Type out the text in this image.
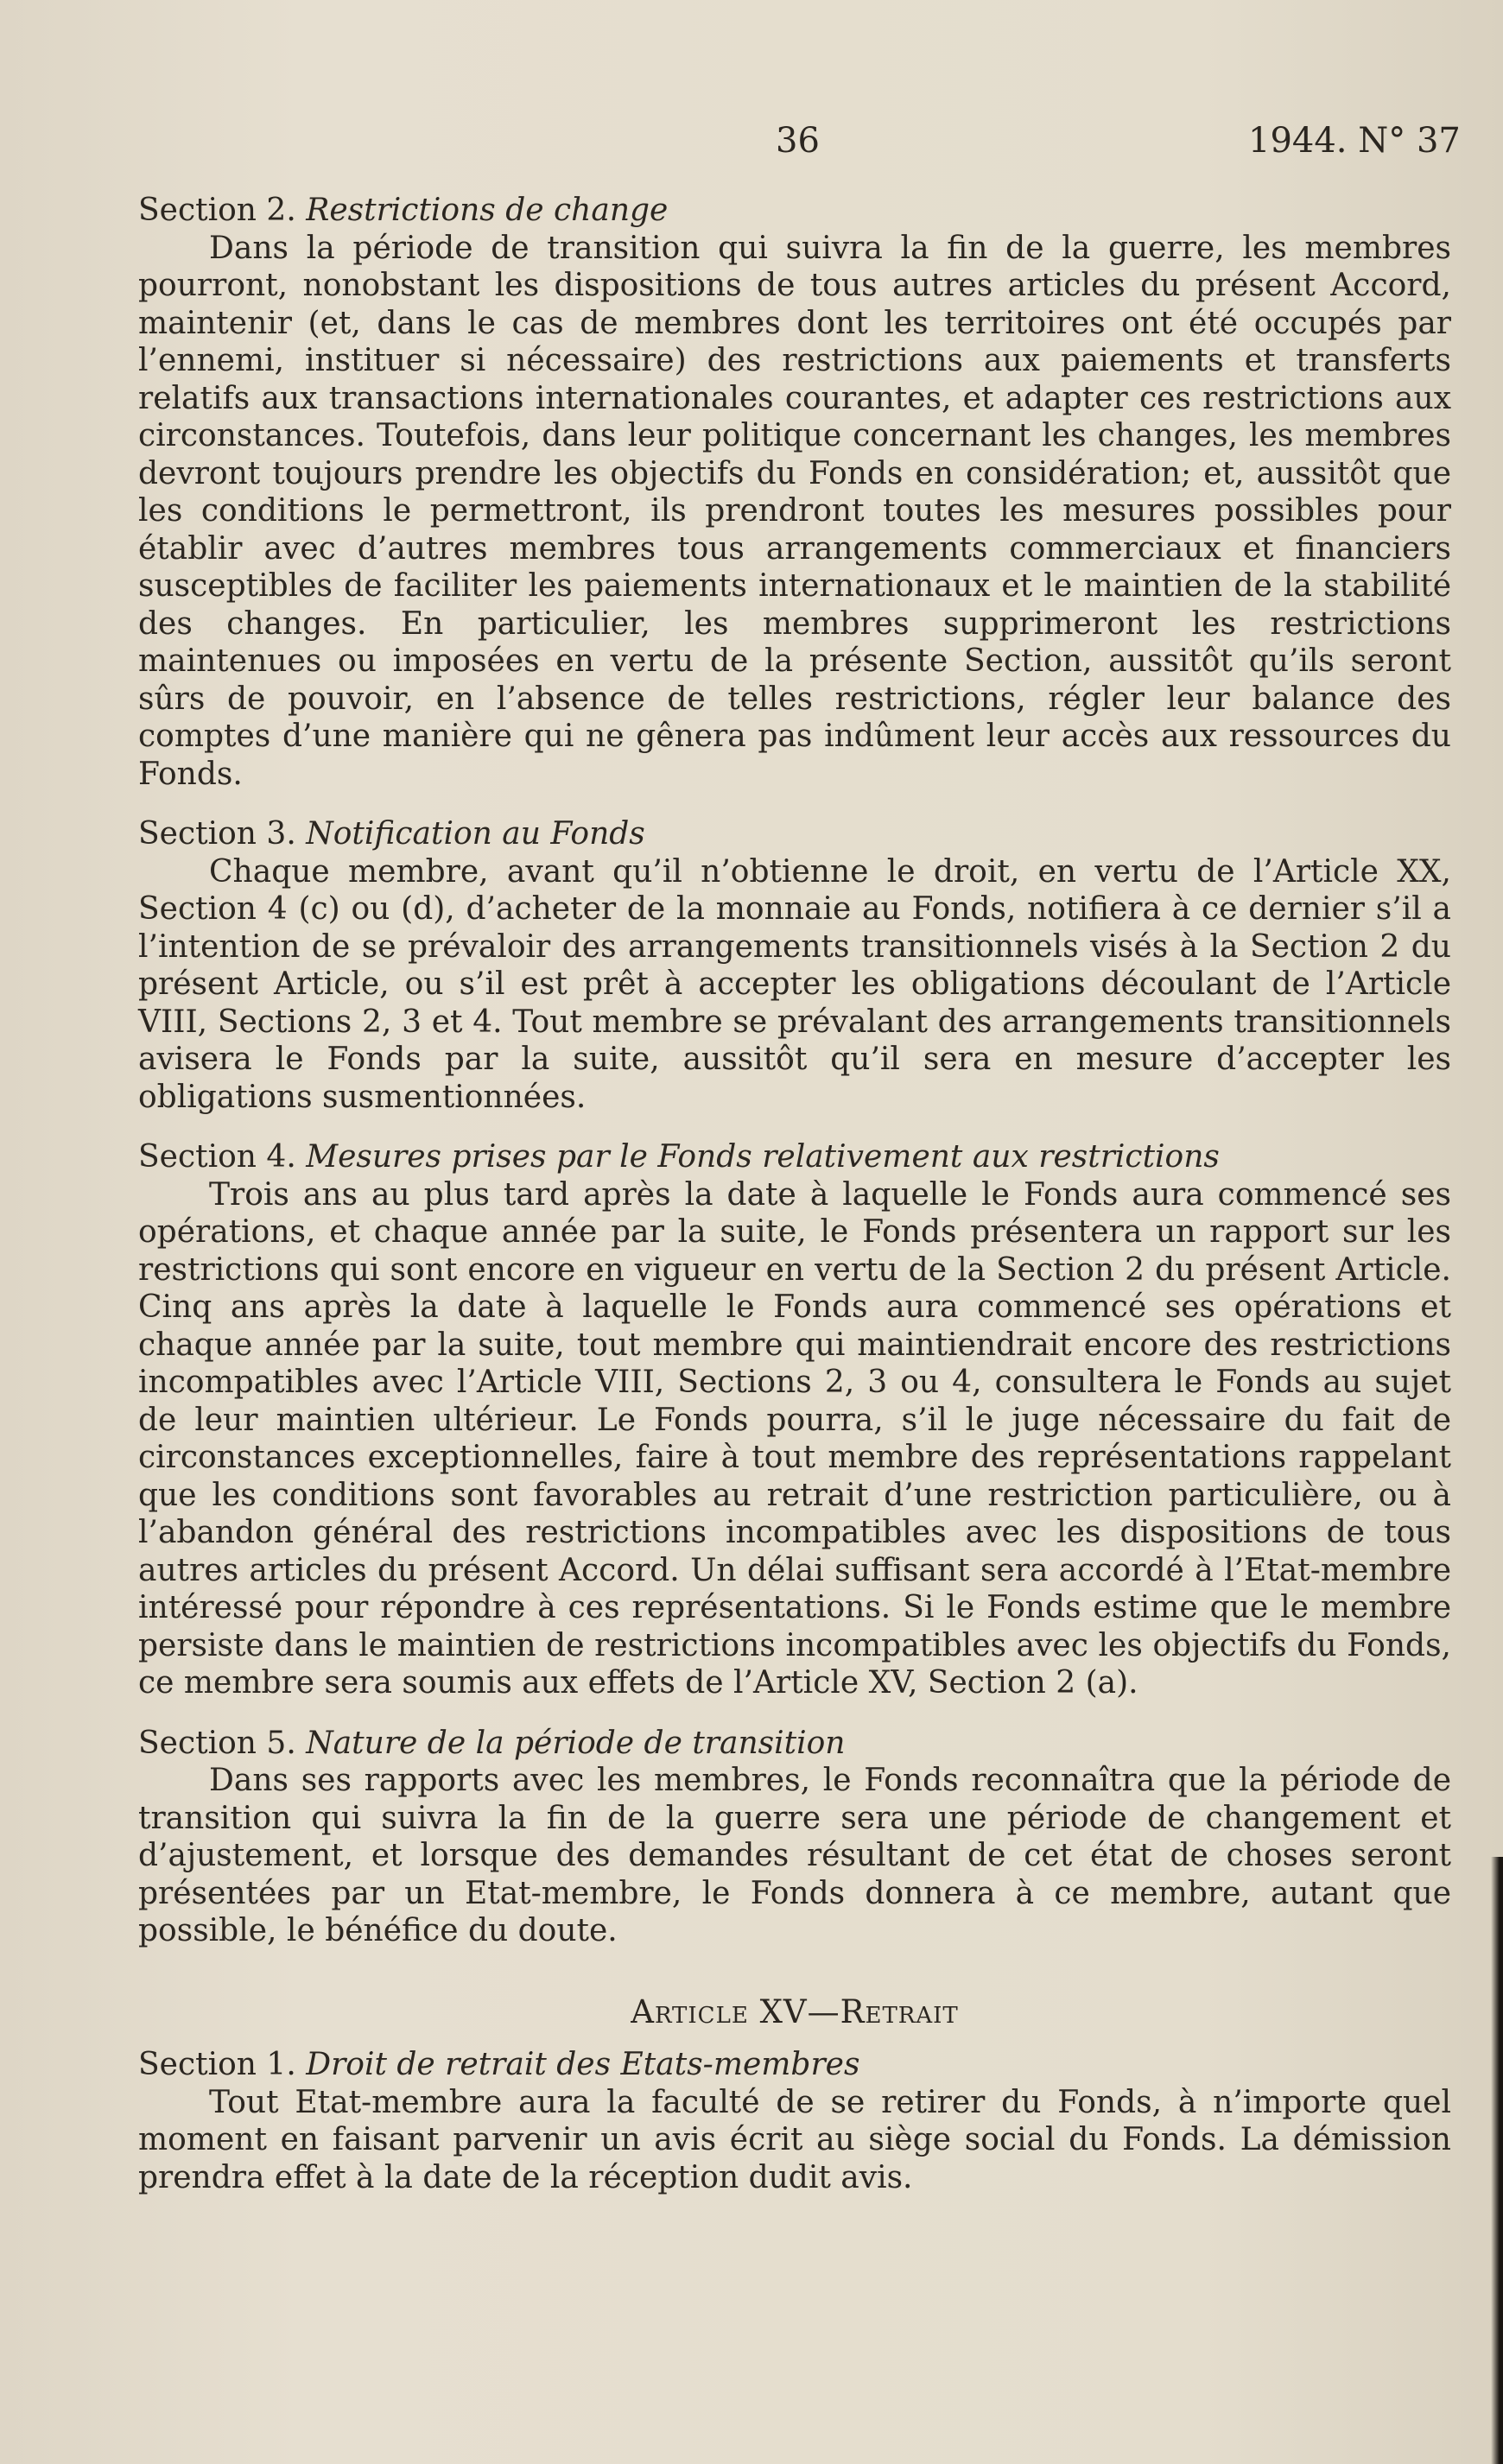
36	1944. N° 37

Section 2. Restrictions de change

Dans la période de transition qui suivra la fin de la guerre, les membres pourront, nonobstant les dispositions de tous autres articles du présent Accord, maintenir (et, dans le cas de membres dont les territoires ont été occupés par l’ennemi, instituer si nécessaire) des restrictions aux paiements et transferts relatifs aux transactions internationales courantes, et adapter ces restrictions aux circonstances. Toutefois, dans leur politique concernant les changes, les membres devront toujours prendre les objectifs du Fonds en considération; et, aussitôt que les conditions le permettront, ils prendront toutes les mesures possibles pour établir avec d’autres membres tous arrangements commerciaux et financiers susceptibles de faciliter les paiements internationaux et le maintien de la stabilité des changes. En particulier, les membres supprimeront les restrictions maintenues ou imposées en vertu de la présente Section, aussitôt qu’ils seront sûrs de pouvoir, en l’absence de telles restrictions, régler leur balance des comptes d’une manière qui ne gênera pas indûment leur accès aux ressources du Fonds.

Section 3. Notification au Fonds

Chaque membre, avant qu’il n’obtienne le droit, en vertu de l’Article XX, Section 4 (c) ou (d), d’acheter de la monnaie au Fonds, notifiera à ce dernier s’il a l’intention de se prévaloir des arrangements transitionnels visés à la Section 2 du présent Article, ou s’il est prêt à accepter les obligations découlant de l’Article VIII, Sections 2, 3 et 4. Tout membre se prévalant des arrangements transitionnels avisera le Fonds par la suite, aussitôt qu’il sera en mesure d’accepter les obligations susmentionnées.

Section 4. Mesures prises par le Fonds relativement aux restrictions

Trois ans au plus tard après la date à laquelle le Fonds aura commencé ses opérations, et chaque année par la suite, le Fonds présentera un rapport sur les restrictions qui sont encore en vigueur en vertu de la Section 2 du présent Article. Cinq ans après la date à laquelle le Fonds aura commencé ses opérations et chaque année par la suite, tout membre qui maintiendrait encore des restrictions incompatibles avec l’Article VIII, Sections 2, 3 ou 4, consultera le Fonds au sujet de leur maintien ultérieur. Le Fonds pourra, s’il le juge nécessaire du fait de circonstances exceptionnelles, faire à tout membre des représentations rappelant que les conditions sont favorables au retrait d’une restriction particulière, ou à l’abandon général des restrictions incompatibles avec les dispositions de tous autres articles du présent Accord. Un délai suffisant sera accordé à l’Etat-membre intéressé pour répondre à ces représentations. Si le Fonds estime que le membre persiste dans le maintien de restrictions incompatibles avec les objectifs du Fonds, ce membre sera soumis aux effets de l’Article XV, Section 2 (a).

Section 5. Nature de la période de transition

Dans ses rapports avec les membres, le Fonds reconnaîtra que la période de transition qui suivra la fin de la guerre sera une période de changement et d’ajustement, et lorsque des demandes résultant de cet état de choses seront présentées par un Etat-membre, le Fonds donnera à ce membre, autant que possible, le bénéfice du doute.

Article XV—Retrait

Section 1. Droit de retrait des Etats-membres

Tout Etat-membre aura la faculté de se retirer du Fonds, à n’importe quel moment en faisant parvenir un avis écrit au siège social du Fonds. La démission prendra effet à la date de la réception dudit avis.
